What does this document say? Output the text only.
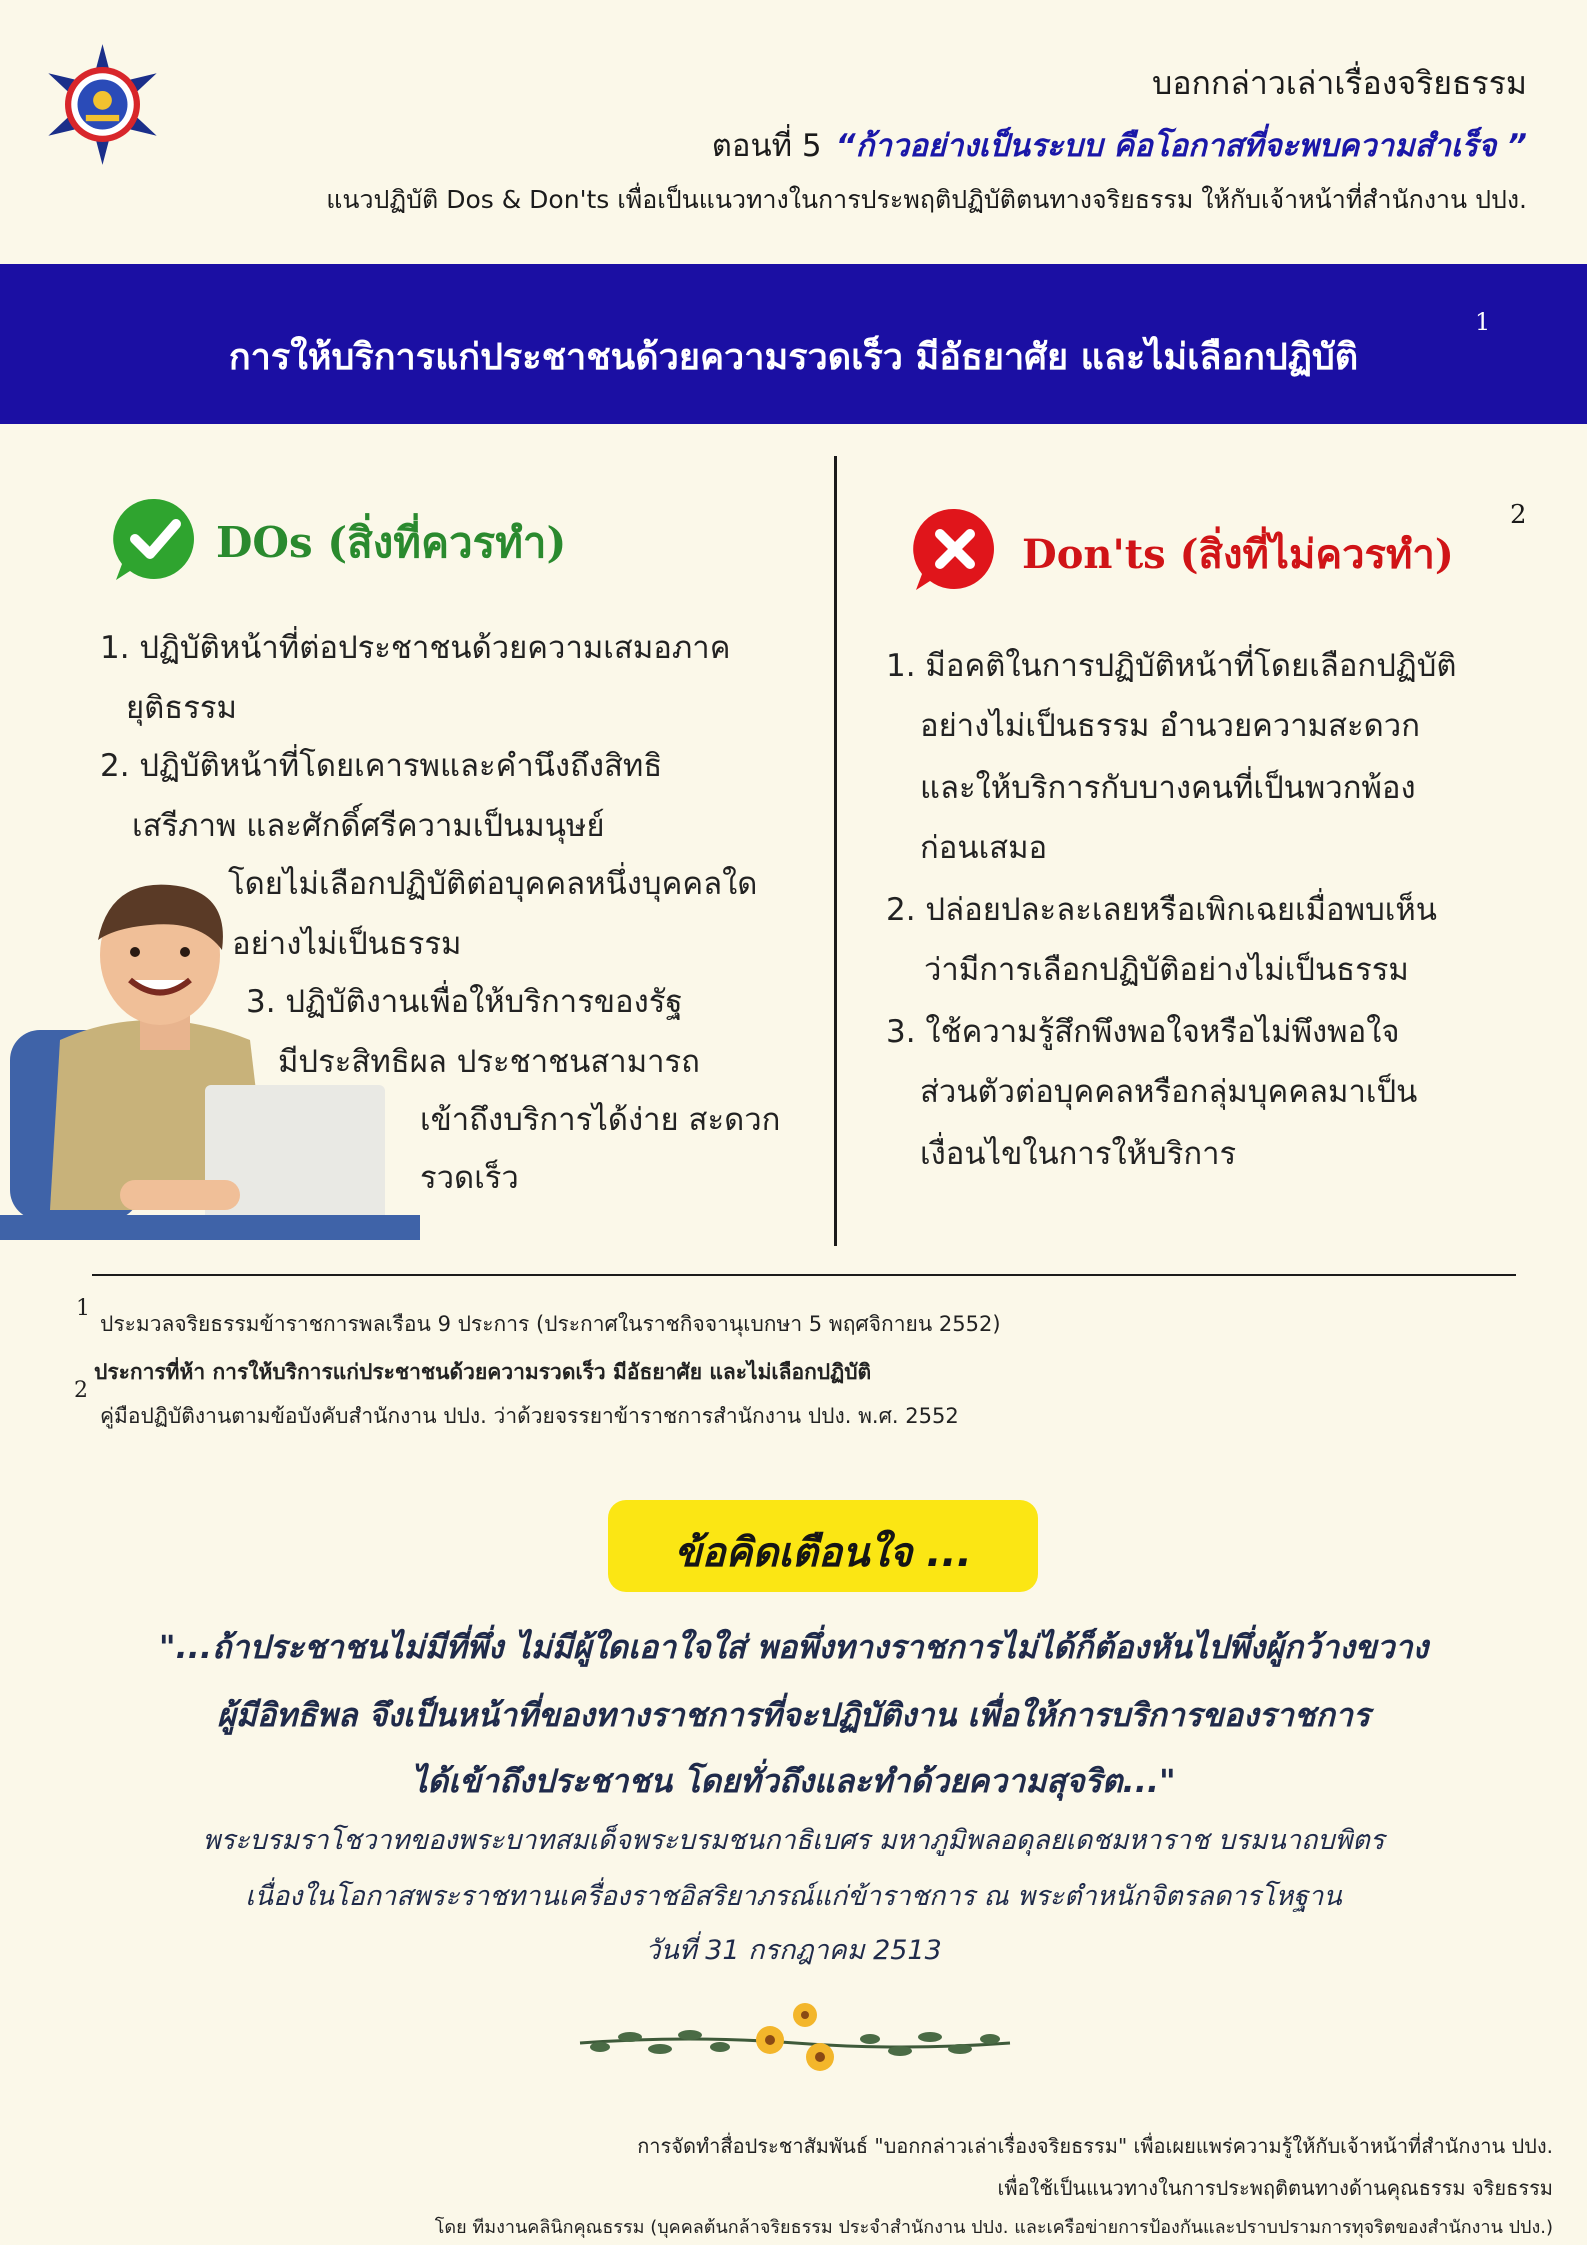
บอกกล่าวเล่าเรื่องจริยธรรม
ตอนที่ 5 “ก้าวอย่างเป็นระบบ คือโอกาสที่จะพบความสำเร็จ ”
แนวปฏิบัติ Dos & Don'ts เพื่อเป็นแนวทางในการประพฤติปฏิบัติตนทางจริยธรรม ให้กับเจ้าหน้าที่สำนักงาน ปปง.
การให้บริการแก่ประชาชนด้วยความรวดเร็ว มีอัธยาศัย และไม่เลือกปฏิบัติ
1
DOs (สิ่งที่ควรทำ)	Don'ts (สิ่งที่ไม่ควรทำ)
2
1. ปฏิบัติหน้าที่ต่อประชาชนด้วยความเสมอภาค
ยุติธรรม
2. ปฏิบัติหน้าที่โดยเคารพและคำนึงถึงสิทธิ
เสรีภาพ และศักดิ์ศรีความเป็นมนุษย์
โดยไม่เลือกปฏิบัติต่อบุคคลหนึ่งบุคคลใด
อย่างไม่เป็นธรรม
3. ปฏิบัติงานเพื่อให้บริการของรัฐ
มีประสิทธิผล ประชาชนสามารถ
เข้าถึงบริการได้ง่าย สะดวก
รวดเร็ว
1. มีอคติในการปฏิบัติหน้าที่โดยเลือกปฏิบัติ
อย่างไม่เป็นธรรม อำนวยความสะดวก
และให้บริการกับบางคนที่เป็นพวกพ้อง
ก่อนเสมอ
2. ปล่อยปละละเลยหรือเพิกเฉยเมื่อพบเห็น
ว่ามีการเลือกปฏิบัติอย่างไม่เป็นธรรม
3. ใช้ความรู้สึกพึงพอใจหรือไม่พึงพอใจ
ส่วนตัวต่อบุคคลหรือกลุ่มบุคคลมาเป็น
เงื่อนไขในการให้บริการ
1
ประมวลจริยธรรมข้าราชการพลเรือน 9 ประการ (ประกาศในราชกิจจานุเบกษา 5 พฤศจิกายน 2552)
ประการที่ห้า การให้บริการแก่ประชาชนด้วยความรวดเร็ว มีอัธยาศัย และไม่เลือกปฏิบัติ
2
คู่มือปฏิบัติงานตามข้อบังคับสำนักงาน ปปง. ว่าด้วยจรรยาข้าราชการสำนักงาน ปปง. พ.ศ. 2552
ข้อคิดเตือนใจ ...
"...ถ้าประชาชนไม่มีที่พึ่ง ไม่มีผู้ใดเอาใจใส่ พอพึ่งทางราชการไม่ได้ก็ต้องหันไปพึ่งผู้กว้างขวาง
ผู้มีอิทธิพล จึงเป็นหน้าที่ของทางราชการที่จะปฏิบัติงาน เพื่อให้การบริการของราชการ
ได้เข้าถึงประชาชน โดยทั่วถึงและทำด้วยความสุจริต..."
พระบรมราโชวาทของพระบาทสมเด็จพระบรมชนกาธิเบศร มหาภูมิพลอดุลยเดชมหาราช บรมนาถบพิตร
เนื่องในโอกาสพระราชทานเครื่องราชอิสริยาภรณ์แก่ข้าราชการ ณ พระตำหนักจิตรลดารโหฐาน
วันที่ 31 กรกฎาคม 2513
การจัดทำสื่อประชาสัมพันธ์ "บอกกล่าวเล่าเรื่องจริยธรรม" เพื่อเผยแพร่ความรู้ให้กับเจ้าหน้าที่สำนักงาน ปปง.
เพื่อใช้เป็นแนวทางในการประพฤติตนทางด้านคุณธรรม จริยธรรม
โดย ทีมงานคลินิกคุณธรรม (บุคคลต้นกล้าจริยธรรม ประจำสำนักงาน ปปง. และเครือข่ายการป้องกันและปราบปรามการทุจริตของสำนักงาน ปปง.)
